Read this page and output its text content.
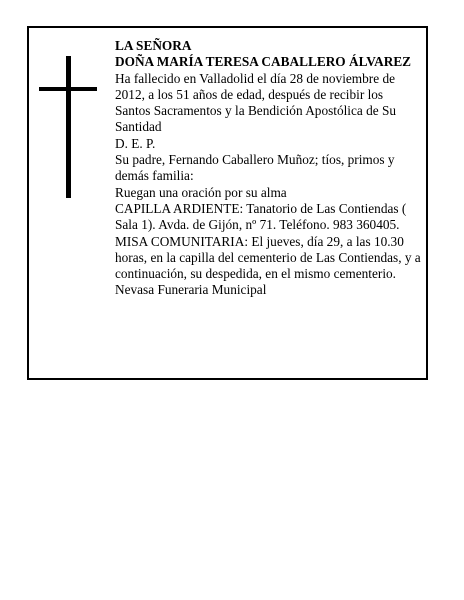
LA SEÑORA

DOÑA MARÍA TERESA CABALLERO ÁLVAREZ

Ha fallecido en Valladolid el día 28 de noviembre de 2012, a los 51 años de edad, después de recibir los Santos Sacramentos y la Bendición Apostólica de Su Santidad

D. E. P.

Su padre, Fernando Caballero Muñoz; tíos, primos y demás familia:

Ruegan una oración por su alma

CAPILLA ARDIENTE: Tanatorio de Las Contiendas ( Sala 1). Avda. de Gijón, nº 71. Teléfono. 983 360405.

MISA COMUNITARIA: El jueves, día 29, a las 10.30 horas, en la capilla del cementerio de Las Contiendas, y a continuación, su despedida, en el mismo cementerio.

Nevasa Funeraria Municipal
